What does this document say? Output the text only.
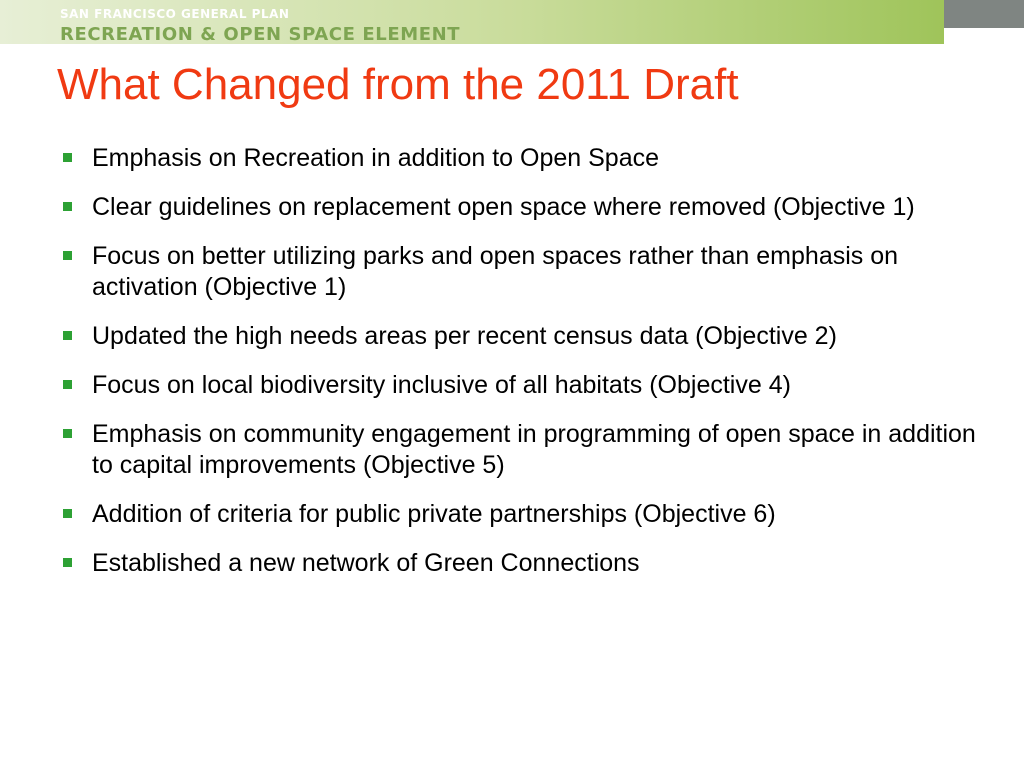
SAN FRANCISCO GENERAL PLAN
RECREATION & OPEN SPACE ELEMENT
What Changed from the 2011 Draft
Emphasis on Recreation in addition to Open Space
Clear guidelines on replacement open space where removed (Objective 1)
Focus on better utilizing parks and open spaces rather than emphasis on activation (Objective 1)
Updated the high needs areas per recent census data (Objective 2)
Focus on local biodiversity inclusive of all habitats (Objective 4)
Emphasis on community engagement in programming of open space in addition to capital improvements (Objective 5)
Addition of criteria for public private partnerships (Objective 6)
Established a new network of Green Connections
